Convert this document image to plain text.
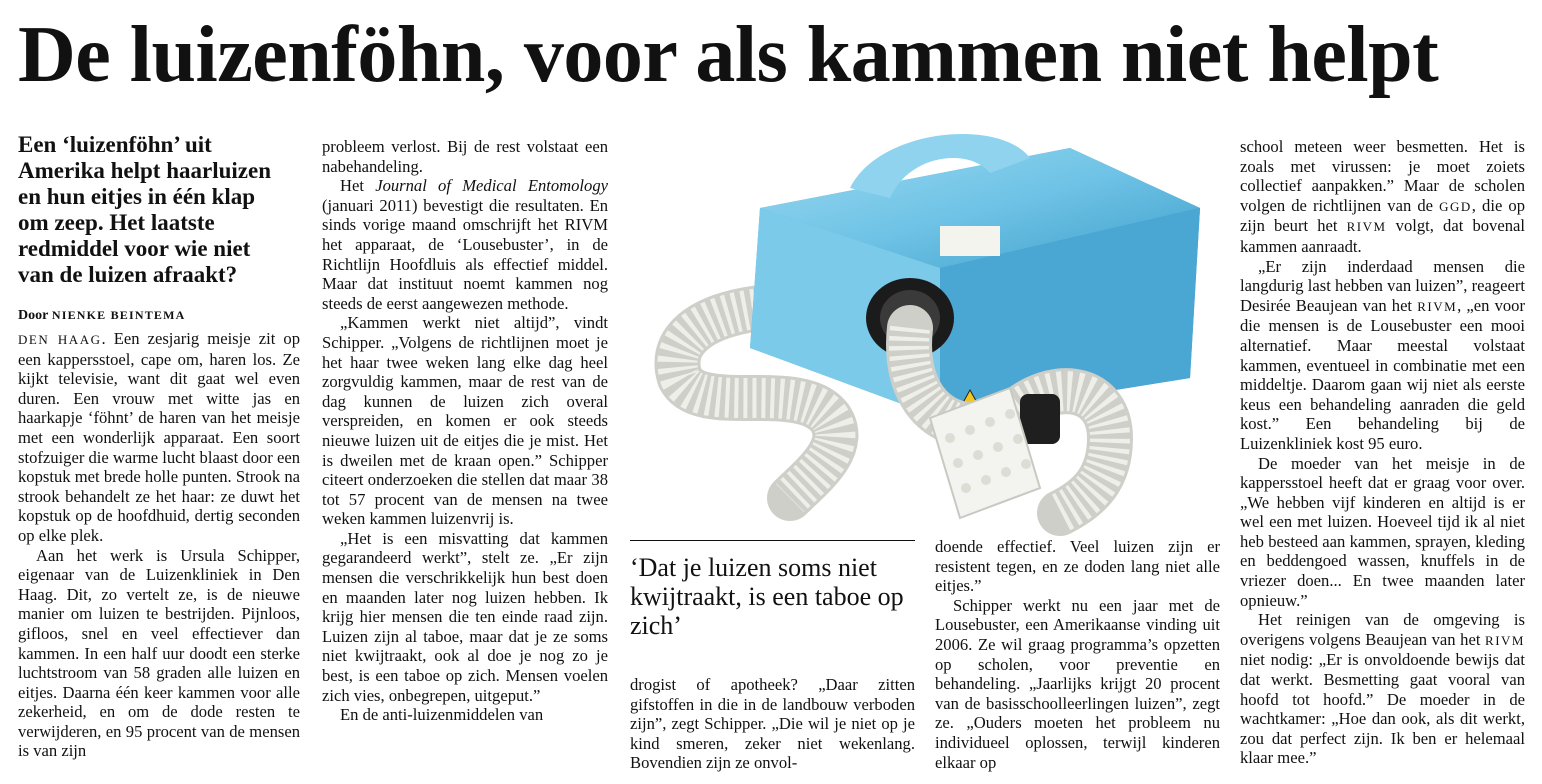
De luizenföhn, voor als kammen niet helpt
Een ‘luizenföhn’ uit Amerika helpt haarluizen en hun eitjes in één klap om zeep. Het laatste redmiddel voor wie niet van de luizen afraakt?
Door NIENKE BEINTEMA

DEN HAAG. Een zesjarig meisje zit op een kappersstoel, cape om, haren los. Ze kijkt televisie, want dit gaat wel even duren. Een vrouw met witte jas en haarkapje ‘föhnt’ de haren van het meisje met een wonderlijk apparaat. Een soort stofzuiger die warme lucht blaast door een kopstuk met brede holle punten. Strook na strook behandelt ze het haar: ze duwt het kopstuk op de hoofdhuid, dertig seconden op elke plek.

Aan het werk is Ursula Schipper, eigenaar van de Luizenkliniek in Den Haag. Dit, zo vertelt ze, is de nieuwe manier om luizen te bestrijden. Pijnloos, gifloos, snel en veel effectiever dan kammen. In een half uur doodt een sterke luchtstroom van 58 graden alle luizen en eitjes. Daarna één keer kammen voor alle zekerheid, en om de dode resten te verwijderen, en 95 procent van de mensen is van zijn

probleem verlost. Bij de rest volstaat een nabehandeling.

Het Journal of Medical Entomology (januari 2011) bevestigt die resultaten. En sinds vorige maand omschrijft het RIVM het apparaat, de ‘Lousebuster’, in de Richtlijn Hoofdluis als effectief middel. Maar dat instituut noemt kammen nog steeds de eerst aangewezen methode.

„Kammen werkt niet altijd”, vindt Schipper. „Volgens de richtlijnen moet je het haar twee weken lang elke dag heel zorgvuldig kammen, maar de rest van de dag kunnen de luizen zich overal verspreiden, en komen er ook steeds nieuwe luizen uit de eitjes die je mist. Het is dweilen met de kraan open.” Schipper citeert onderzoeken die stellen dat maar 38 tot 57 procent van de mensen na twee weken kammen luizenvrij is.

„Het is een misvatting dat kammen gegarandeerd werkt”, stelt ze. „Er zijn mensen die verschrikkelijk hun best doen en maanden later nog luizen hebben. Ik krijg hier mensen die ten einde raad zijn. Luizen zijn al taboe, maar dat je ze soms niet kwijtraakt, ook al doe je nog zo je best, is een taboe op zich. Mensen voelen zich vies, onbegrepen, uitgeput.”

En de anti-luizenmiddelen van

‘Dat je luizen soms niet kwijtraakt, is een taboe op zich’

drogist of apotheek? „Daar zitten gifstoffen in die in de landbouw verboden zijn”, zegt Schipper. „Die wil je niet op je kind smeren, zeker niet wekenlang. Bovendien zijn ze onvol-

doende effectief. Veel luizen zijn er resistent tegen, en ze doden lang niet alle eitjes.”

Schipper werkt nu een jaar met de Lousebuster, een Amerikaanse vinding uit 2006. Ze wil graag programma’s opzetten op scholen, voor preventie en behandeling. „Jaarlijks krijgt 20 procent van de basisschoolleerlingen luizen”, zegt ze. „Ouders moeten het probleem nu individueel oplossen, terwijl kinderen elkaar op

school meteen weer besmetten. Het is zoals met virussen: je moet zoiets collectief aanpakken.” Maar de scholen volgen de richtlijnen van de GGD, die op zijn beurt het RIVM volgt, dat bovenal kammen aanraadt.

„Er zijn inderdaad mensen die langdurig last hebben van luizen”, reageert Desirée Beaujean van het RIVM, „en voor die mensen is de Lousebuster een mooi alternatief. Maar meestal volstaat kammen, eventueel in combinatie met een middeltje. Daarom gaan wij niet als eerste keus een behandeling aanraden die geld kost.” Een behandeling bij de Luizenkliniek kost 95 euro.

De moeder van het meisje in de kappersstoel heeft dat er graag voor over. „We hebben vijf kinderen en altijd is er wel een met luizen. Hoeveel tijd ik al niet heb besteed aan kammen, sprayen, kleding en beddengoed wassen, knuffels in de vriezer doen... En twee maanden later opnieuw.”

Het reinigen van de omgeving is overigens volgens Beaujean van het RIVM niet nodig: „Er is onvoldoende bewijs dat dat werkt. Besmetting gaat vooral van hoofd tot hoofd.” De moeder in de wachtkamer: „Hoe dan ook, als dit werkt, zou dat perfect zijn. Ik ben er helemaal klaar mee.”
